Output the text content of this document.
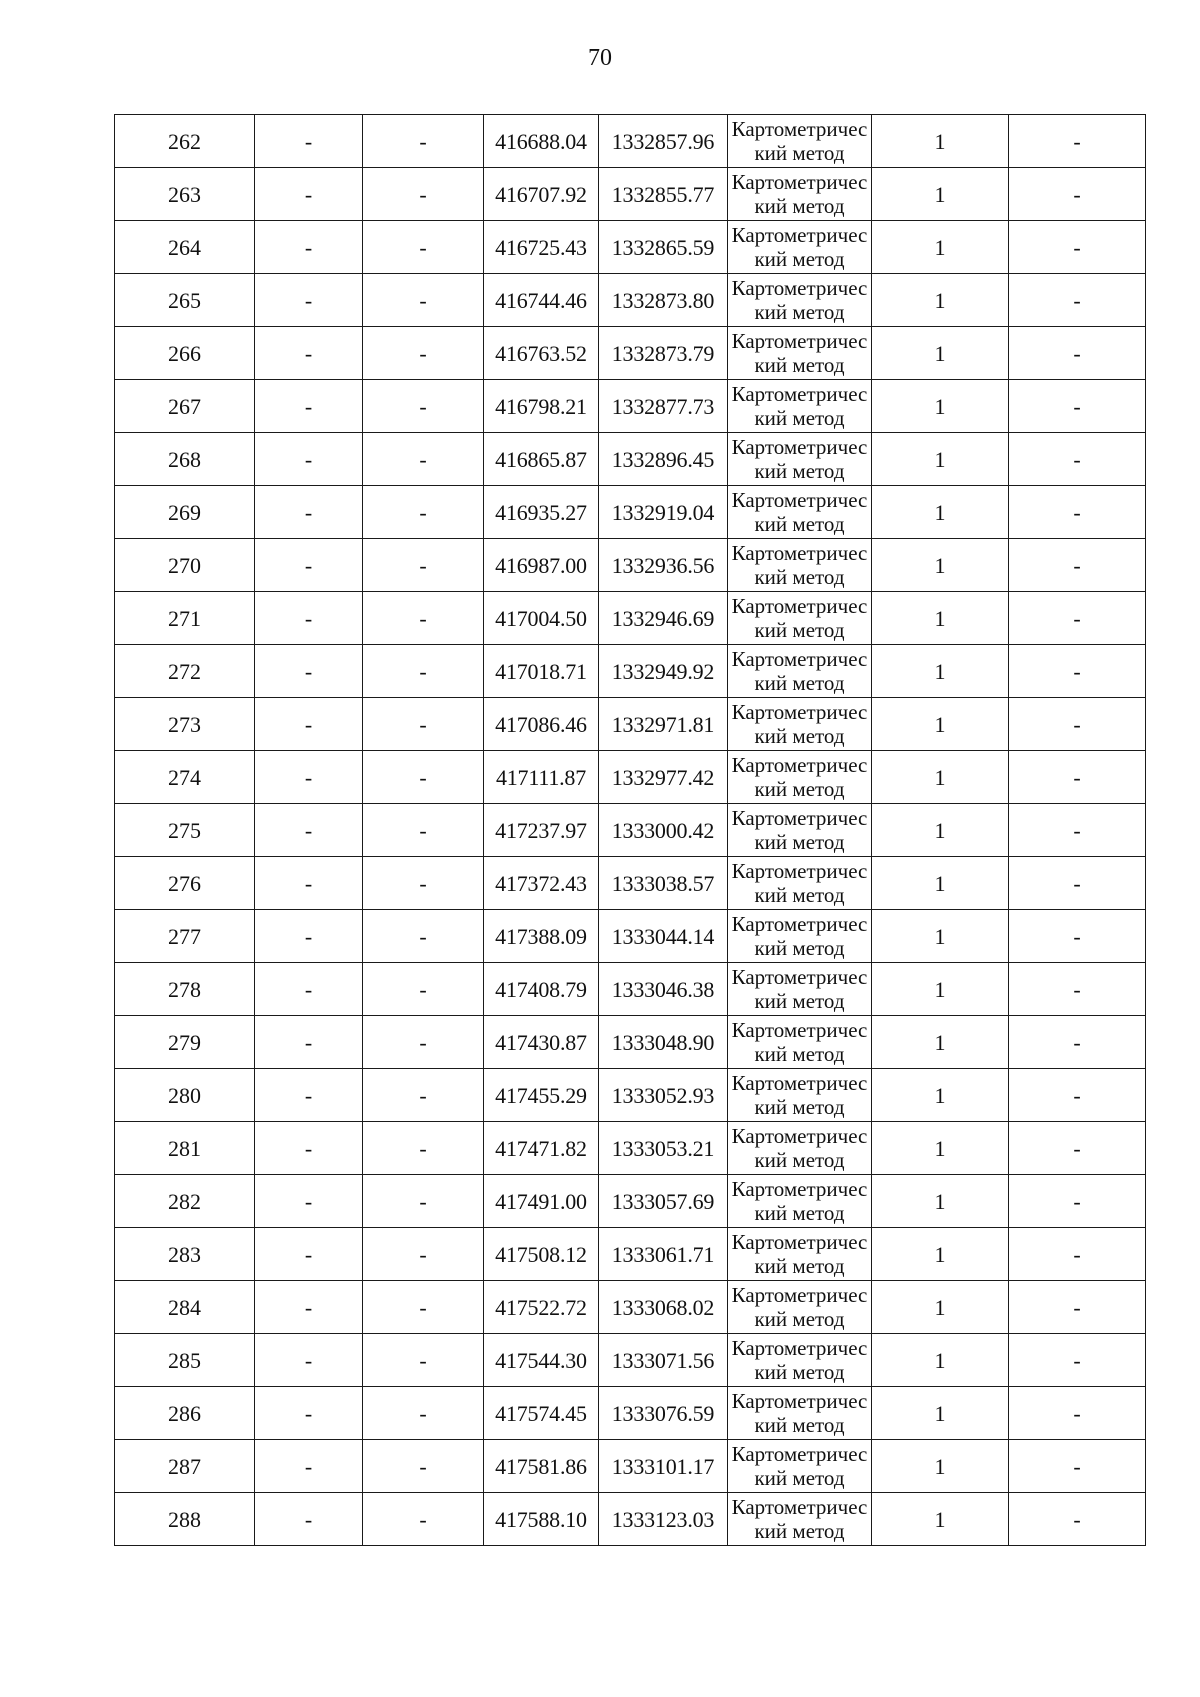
70
262	-	-	416688.04	1332857.96	Картометрический метод	1	-
263	-	-	416707.92	1332855.77	Картометрический метод	1	-
264	-	-	416725.43	1332865.59	Картометрический метод	1	-
265	-	-	416744.46	1332873.80	Картометрический метод	1	-
266	-	-	416763.52	1332873.79	Картометрический метод	1	-
267	-	-	416798.21	1332877.73	Картометрический метод	1	-
268	-	-	416865.87	1332896.45	Картометрический метод	1	-
269	-	-	416935.27	1332919.04	Картометрический метод	1	-
270	-	-	416987.00	1332936.56	Картометрический метод	1	-
271	-	-	417004.50	1332946.69	Картометрический метод	1	-
272	-	-	417018.71	1332949.92	Картометрический метод	1	-
273	-	-	417086.46	1332971.81	Картометрический метод	1	-
274	-	-	417111.87	1332977.42	Картометрический метод	1	-
275	-	-	417237.97	1333000.42	Картометрический метод	1	-
276	-	-	417372.43	1333038.57	Картометрический метод	1	-
277	-	-	417388.09	1333044.14	Картометрический метод	1	-
278	-	-	417408.79	1333046.38	Картометрический метод	1	-
279	-	-	417430.87	1333048.90	Картометрический метод	1	-
280	-	-	417455.29	1333052.93	Картометрический метод	1	-
281	-	-	417471.82	1333053.21	Картометрический метод	1	-
282	-	-	417491.00	1333057.69	Картометрический метод	1	-
283	-	-	417508.12	1333061.71	Картометрический метод	1	-
284	-	-	417522.72	1333068.02	Картометрический метод	1	-
285	-	-	417544.30	1333071.56	Картометрический метод	1	-
286	-	-	417574.45	1333076.59	Картометрический метод	1	-
287	-	-	417581.86	1333101.17	Картометрический метод	1	-
288	-	-	417588.10	1333123.03	Картометрический метод	1	-
